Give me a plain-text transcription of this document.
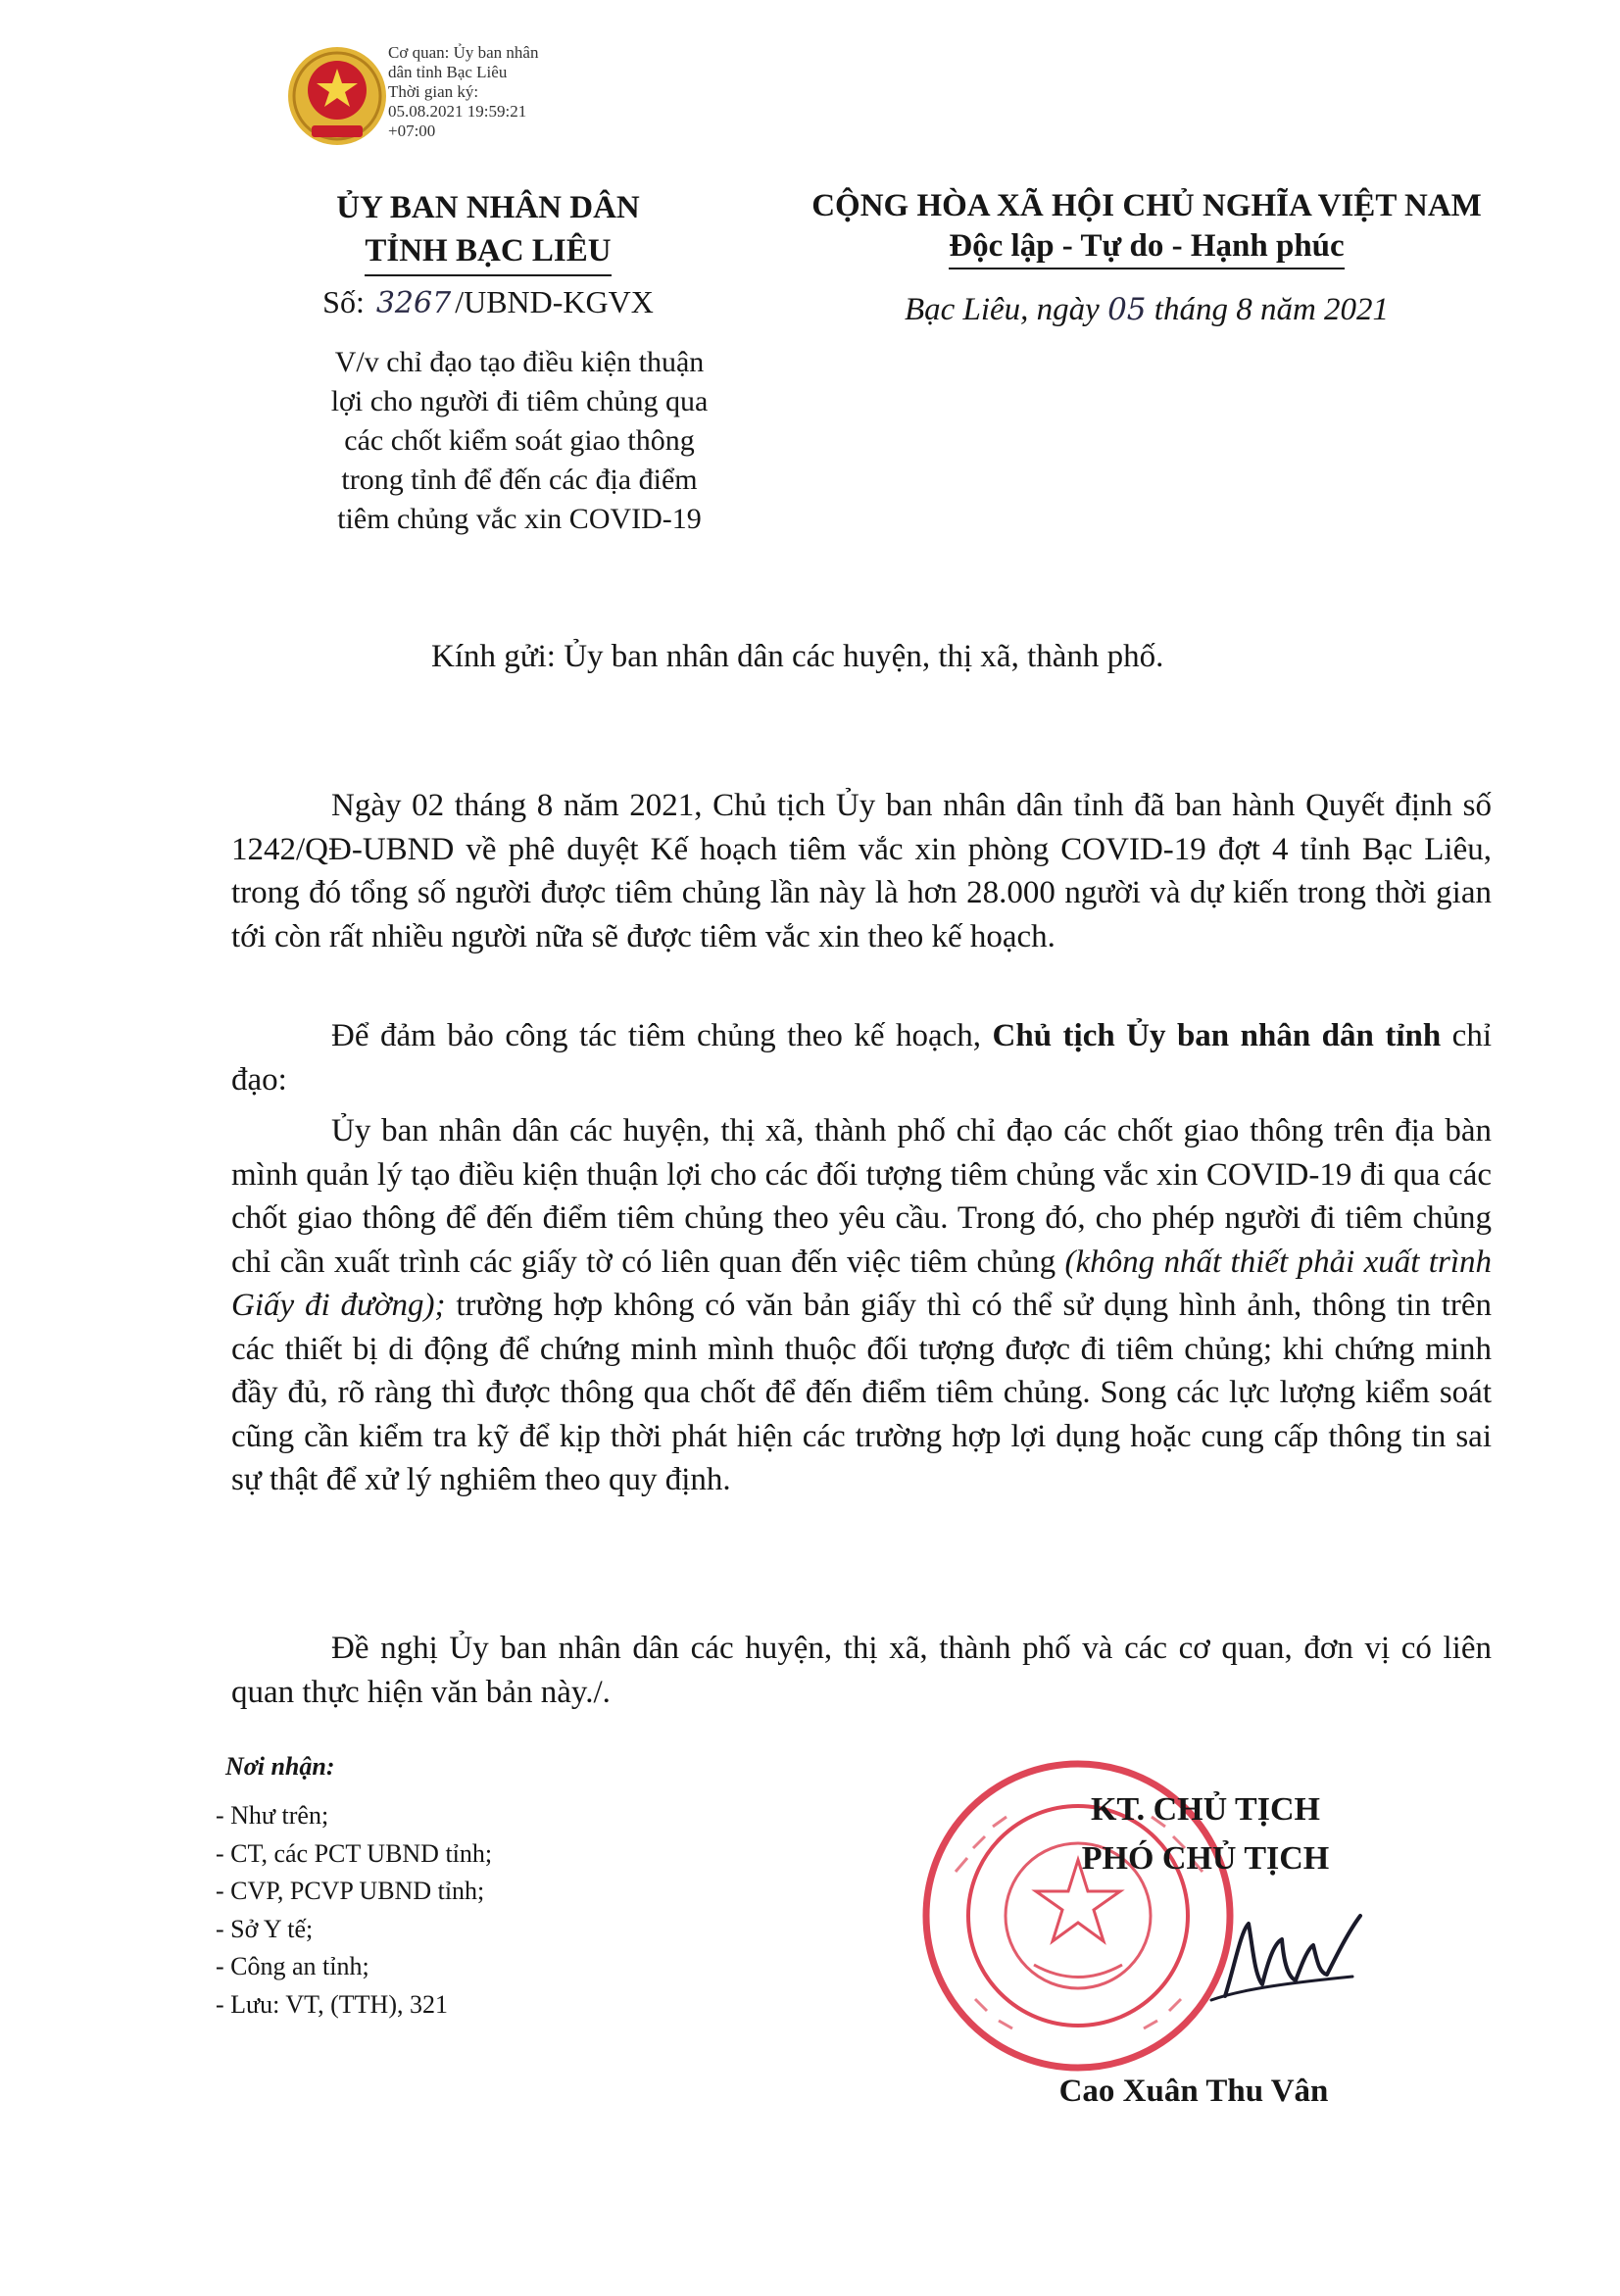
Cơ quan: Ủy ban nhân
dân tỉnh Bạc Liêu
Thời gian ký:
05.08.2021 19:59:21
+07:00
ỦY BAN NHÂN DÂN
TỈNH BẠC LIÊU
Số: 3267 /UBND-KGVX
V/v chỉ đạo tạo điều kiện thuận
lợi cho người đi tiêm chủng qua
các chốt kiểm soát giao thông
trong tỉnh để đến các địa điểm
tiêm chủng vắc xin COVID-19
CỘNG HÒA XÃ HỘI CHỦ NGHĨA VIỆT NAM
Độc lập - Tự do - Hạnh phúc
Bạc Liêu, ngày 05 tháng 8 năm 2021
Kính gửi: Ủy ban nhân dân các huyện, thị xã, thành phố.
Ngày 02 tháng 8 năm 2021, Chủ tịch Ủy ban nhân dân tỉnh đã ban hành Quyết định số 1242/QĐ-UBND về phê duyệt Kế hoạch tiêm vắc xin phòng COVID-19 đợt 4 tỉnh Bạc Liêu, trong đó tổng số người được tiêm chủng lần này là hơn 28.000 người và dự kiến trong thời gian tới còn rất nhiều người nữa sẽ được tiêm vắc xin theo kế hoạch.
Để đảm bảo công tác tiêm chủng theo kế hoạch, Chủ tịch Ủy ban nhân dân tỉnh chỉ đạo:
Ủy ban nhân dân các huyện, thị xã, thành phố chỉ đạo các chốt giao thông trên địa bàn mình quản lý tạo điều kiện thuận lợi cho các đối tượng tiêm chủng vắc xin COVID-19 đi qua các chốt giao thông để đến điểm tiêm chủng theo yêu cầu. Trong đó, cho phép người đi tiêm chủng chỉ cần xuất trình các giấy tờ có liên quan đến việc tiêm chủng (không nhất thiết phải xuất trình Giấy đi đường); trường hợp không có văn bản giấy thì có thể sử dụng hình ảnh, thông tin trên các thiết bị di động để chứng minh mình thuộc đối tượng được đi tiêm chủng; khi chứng minh đầy đủ, rõ ràng thì được thông qua chốt để đến điểm tiêm chủng. Song các lực lượng kiểm soát cũng cần kiểm tra kỹ để kịp thời phát hiện các trường hợp lợi dụng hoặc cung cấp thông tin sai sự thật để xử lý nghiêm theo quy định.
Đề nghị Ủy ban nhân dân các huyện, thị xã, thành phố và các cơ quan, đơn vị có liên quan thực hiện văn bản này./.
Nơi nhận:
- Như trên;
- CT, các PCT UBND tỉnh;
- CVP, PCVP UBND tỉnh;
- Sở Y tế;
- Công an tỉnh;
- Lưu: VT, (TTH), 321
KT. CHỦ TỊCH
PHÓ CHỦ TỊCH
Cao Xuân Thu Vân
